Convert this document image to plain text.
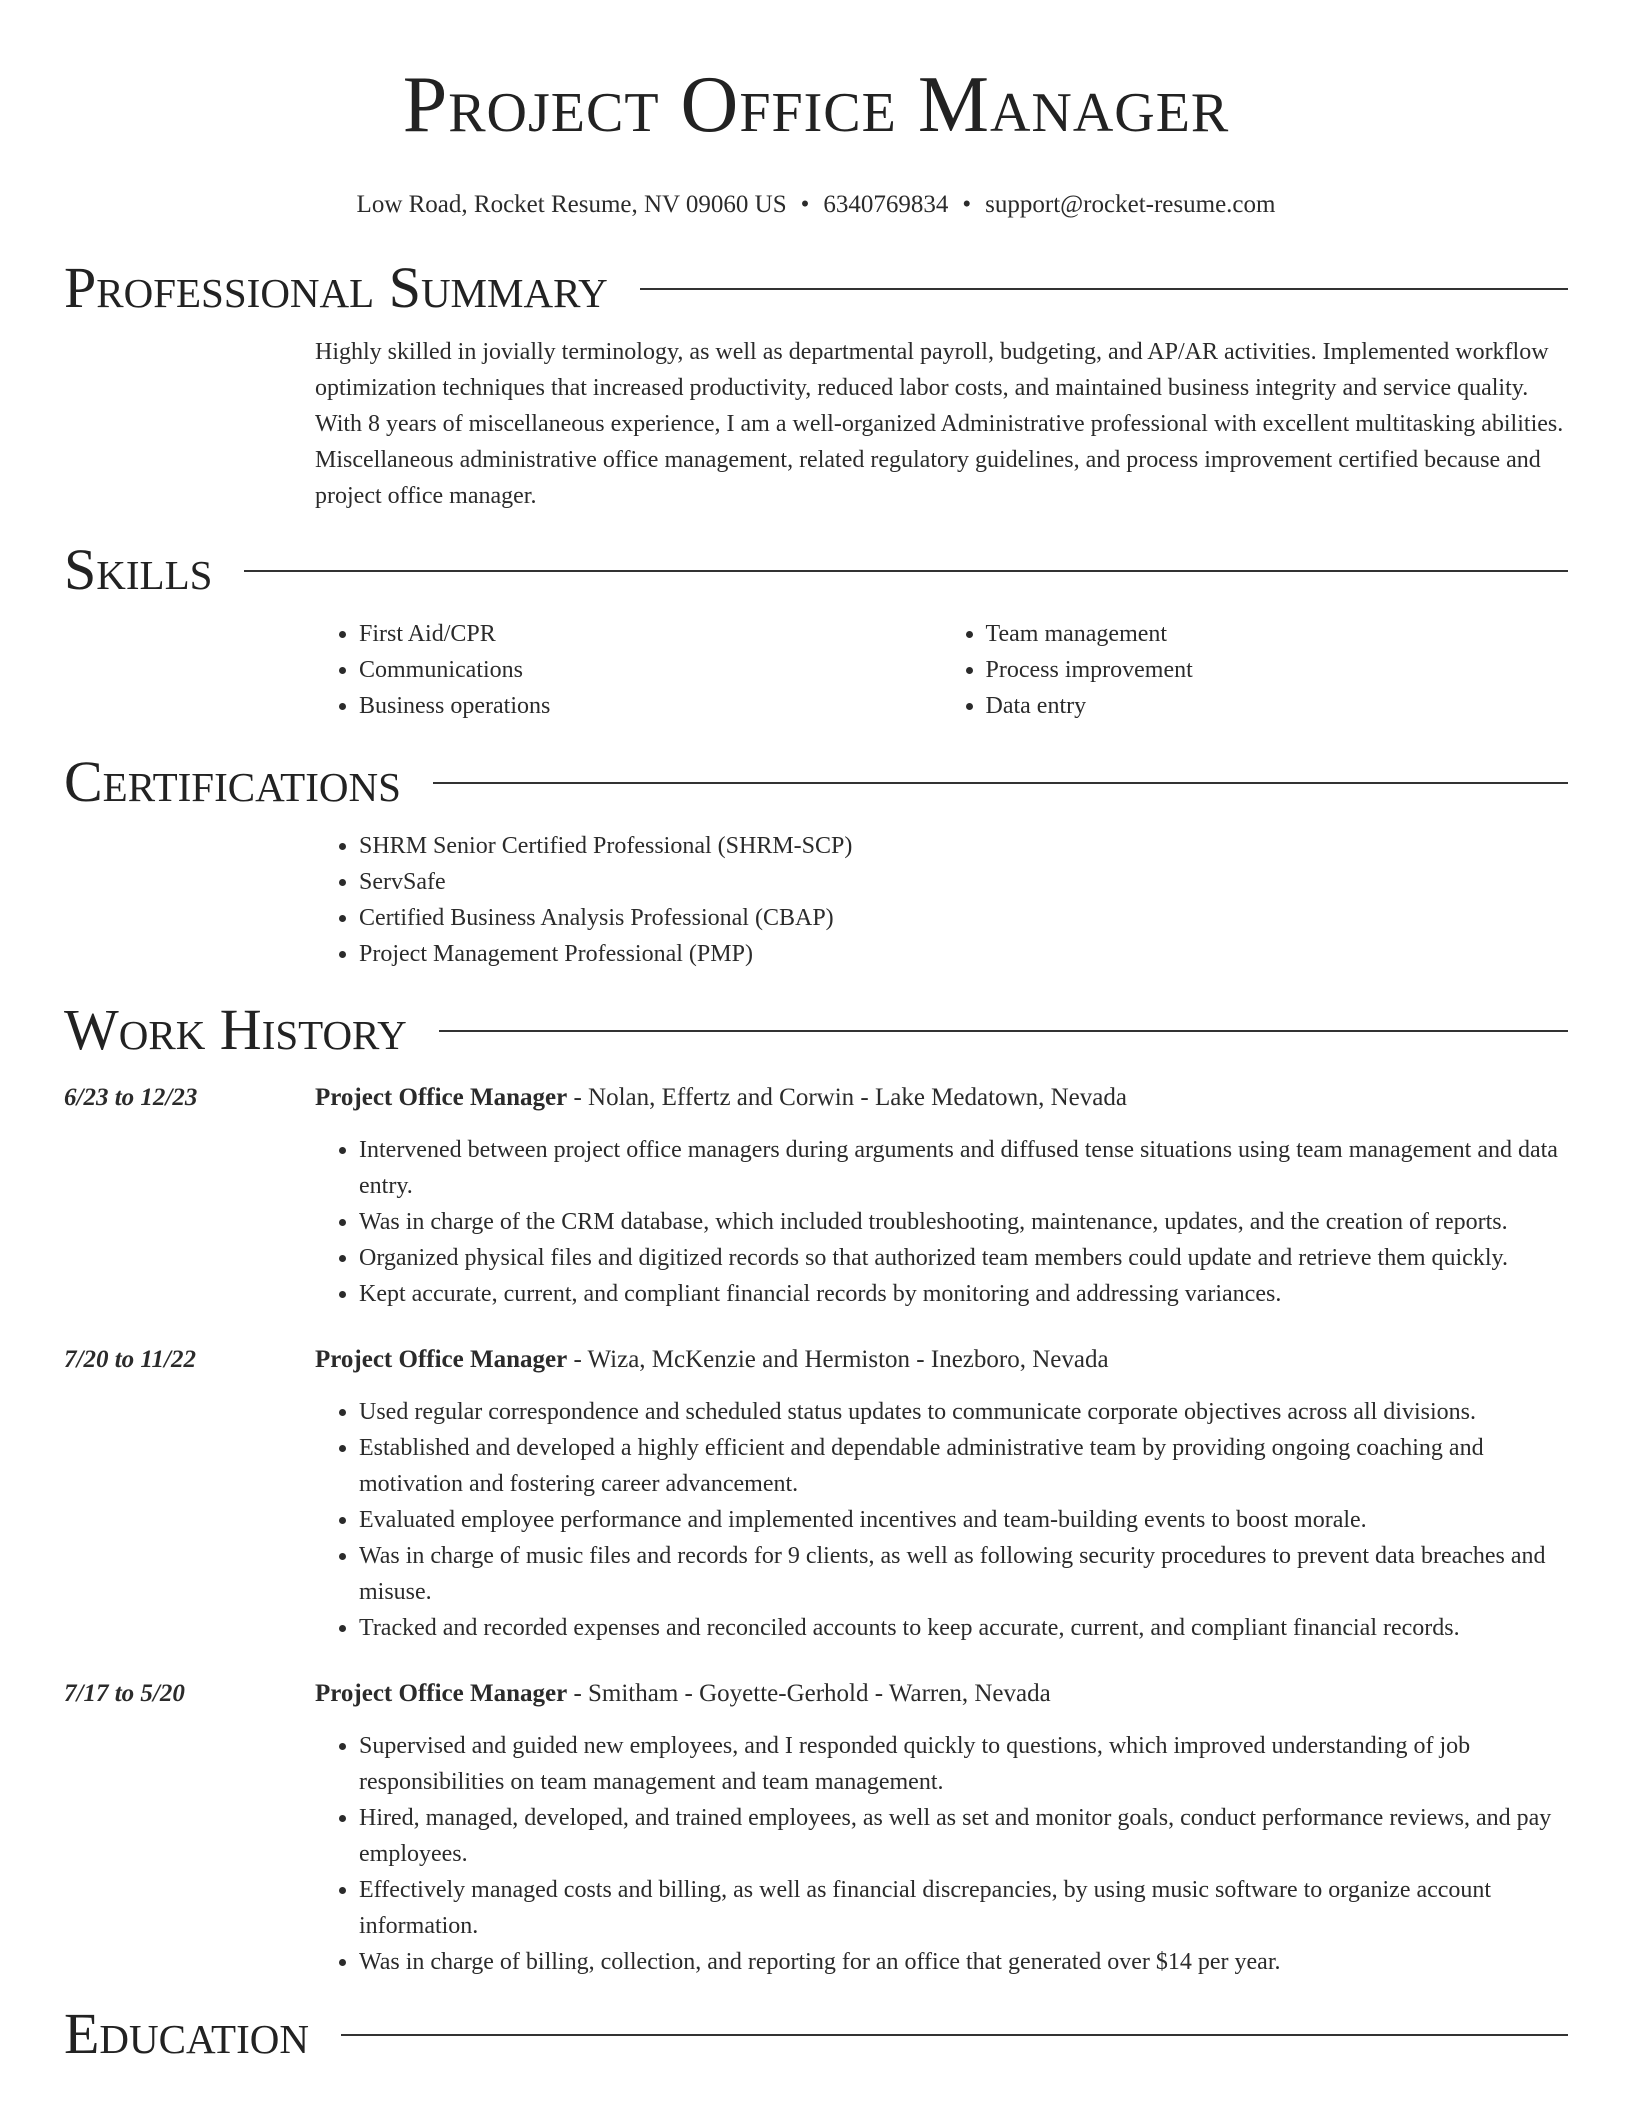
Project Office Manager
Low Road, Rocket Resume, NV 09060 US • 6340769834 • support@rocket-resume.com
Professional Summary
Highly skilled in jovially terminology, as well as departmental payroll, budgeting, and AP/AR activities. Implemented workflow optimization techniques that increased productivity, reduced labor costs, and maintained business integrity and service quality. With 8 years of miscellaneous experience, I am a well-organized Administrative professional with excellent multitasking abilities. Miscellaneous administrative office management, related regulatory guidelines, and process improvement certified because and project office manager.
Skills
• First Aid/CPR
• Communications
• Business operations
• Team management
• Process improvement
• Data entry
Certifications
• SHRM Senior Certified Professional (SHRM-SCP)
• ServSafe
• Certified Business Analysis Professional (CBAP)
• Project Management Professional (PMP)
Work History
6/23 to 12/23	Project Office Manager - Nolan, Effertz and Corwin - Lake Medatown, Nevada
• Intervened between project office managers during arguments and diffused tense situations using team management and data entry.
• Was in charge of the CRM database, which included troubleshooting, maintenance, updates, and the creation of reports.
• Organized physical files and digitized records so that authorized team members could update and retrieve them quickly.
• Kept accurate, current, and compliant financial records by monitoring and addressing variances.
7/20 to 11/22	Project Office Manager - Wiza, McKenzie and Hermiston - Inezboro, Nevada
• Used regular correspondence and scheduled status updates to communicate corporate objectives across all divisions.
• Established and developed a highly efficient and dependable administrative team by providing ongoing coaching and motivation and fostering career advancement.
• Evaluated employee performance and implemented incentives and team-building events to boost morale.
• Was in charge of music files and records for 9 clients, as well as following security procedures to prevent data breaches and misuse.
• Tracked and recorded expenses and reconciled accounts to keep accurate, current, and compliant financial records.
7/17 to 5/20	Project Office Manager - Smitham - Goyette-Gerhold - Warren, Nevada
• Supervised and guided new employees, and I responded quickly to questions, which improved understanding of job responsibilities on team management and team management.
• Hired, managed, developed, and trained employees, as well as set and monitor goals, conduct performance reviews, and pay employees.
• Effectively managed costs and billing, as well as financial discrepancies, by using music software to organize account information.
• Was in charge of billing, collection, and reporting for an office that generated over $14 per year.
Education
